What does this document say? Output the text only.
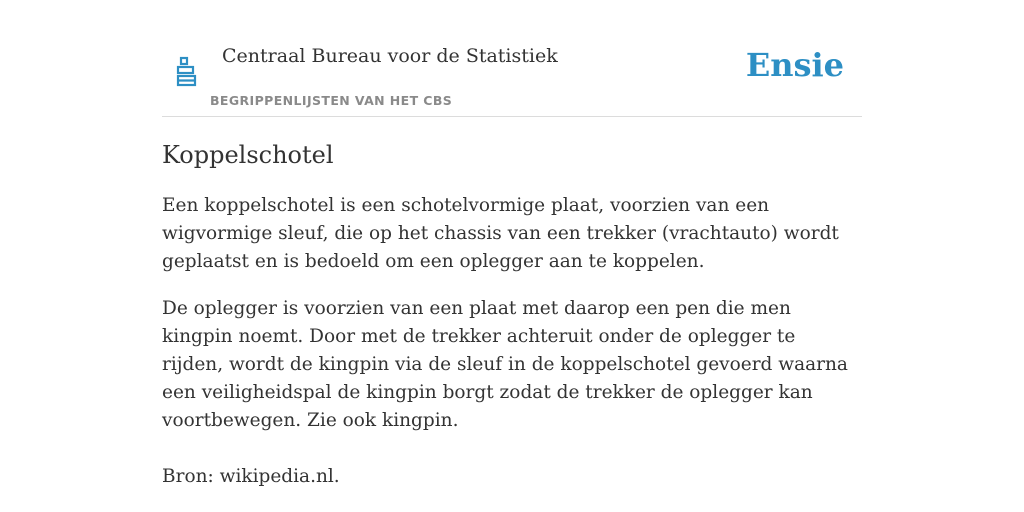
Centraal Bureau voor de Statistiek
BEGRIPPENLIJSTEN VAN HET CBS
Ensie
Koppelschotel

Een koppelschotel is een schotelvormige plaat, voorzien van een wigvormige sleuf, die op het chassis van een trekker (vrachtauto) wordt geplaatst en is bedoeld om een oplegger aan te koppelen.

De oplegger is voorzien van een plaat met daarop een pen die men kingpin noemt. Door met de trekker achteruit onder de oplegger te rijden, wordt de kingpin via de sleuf in de koppelschotel gevoerd waarna een veiligheidspal de kingpin borgt zodat de trekker de oplegger kan voortbewegen. Zie ook kingpin.

Bron: wikipedia.nl.
